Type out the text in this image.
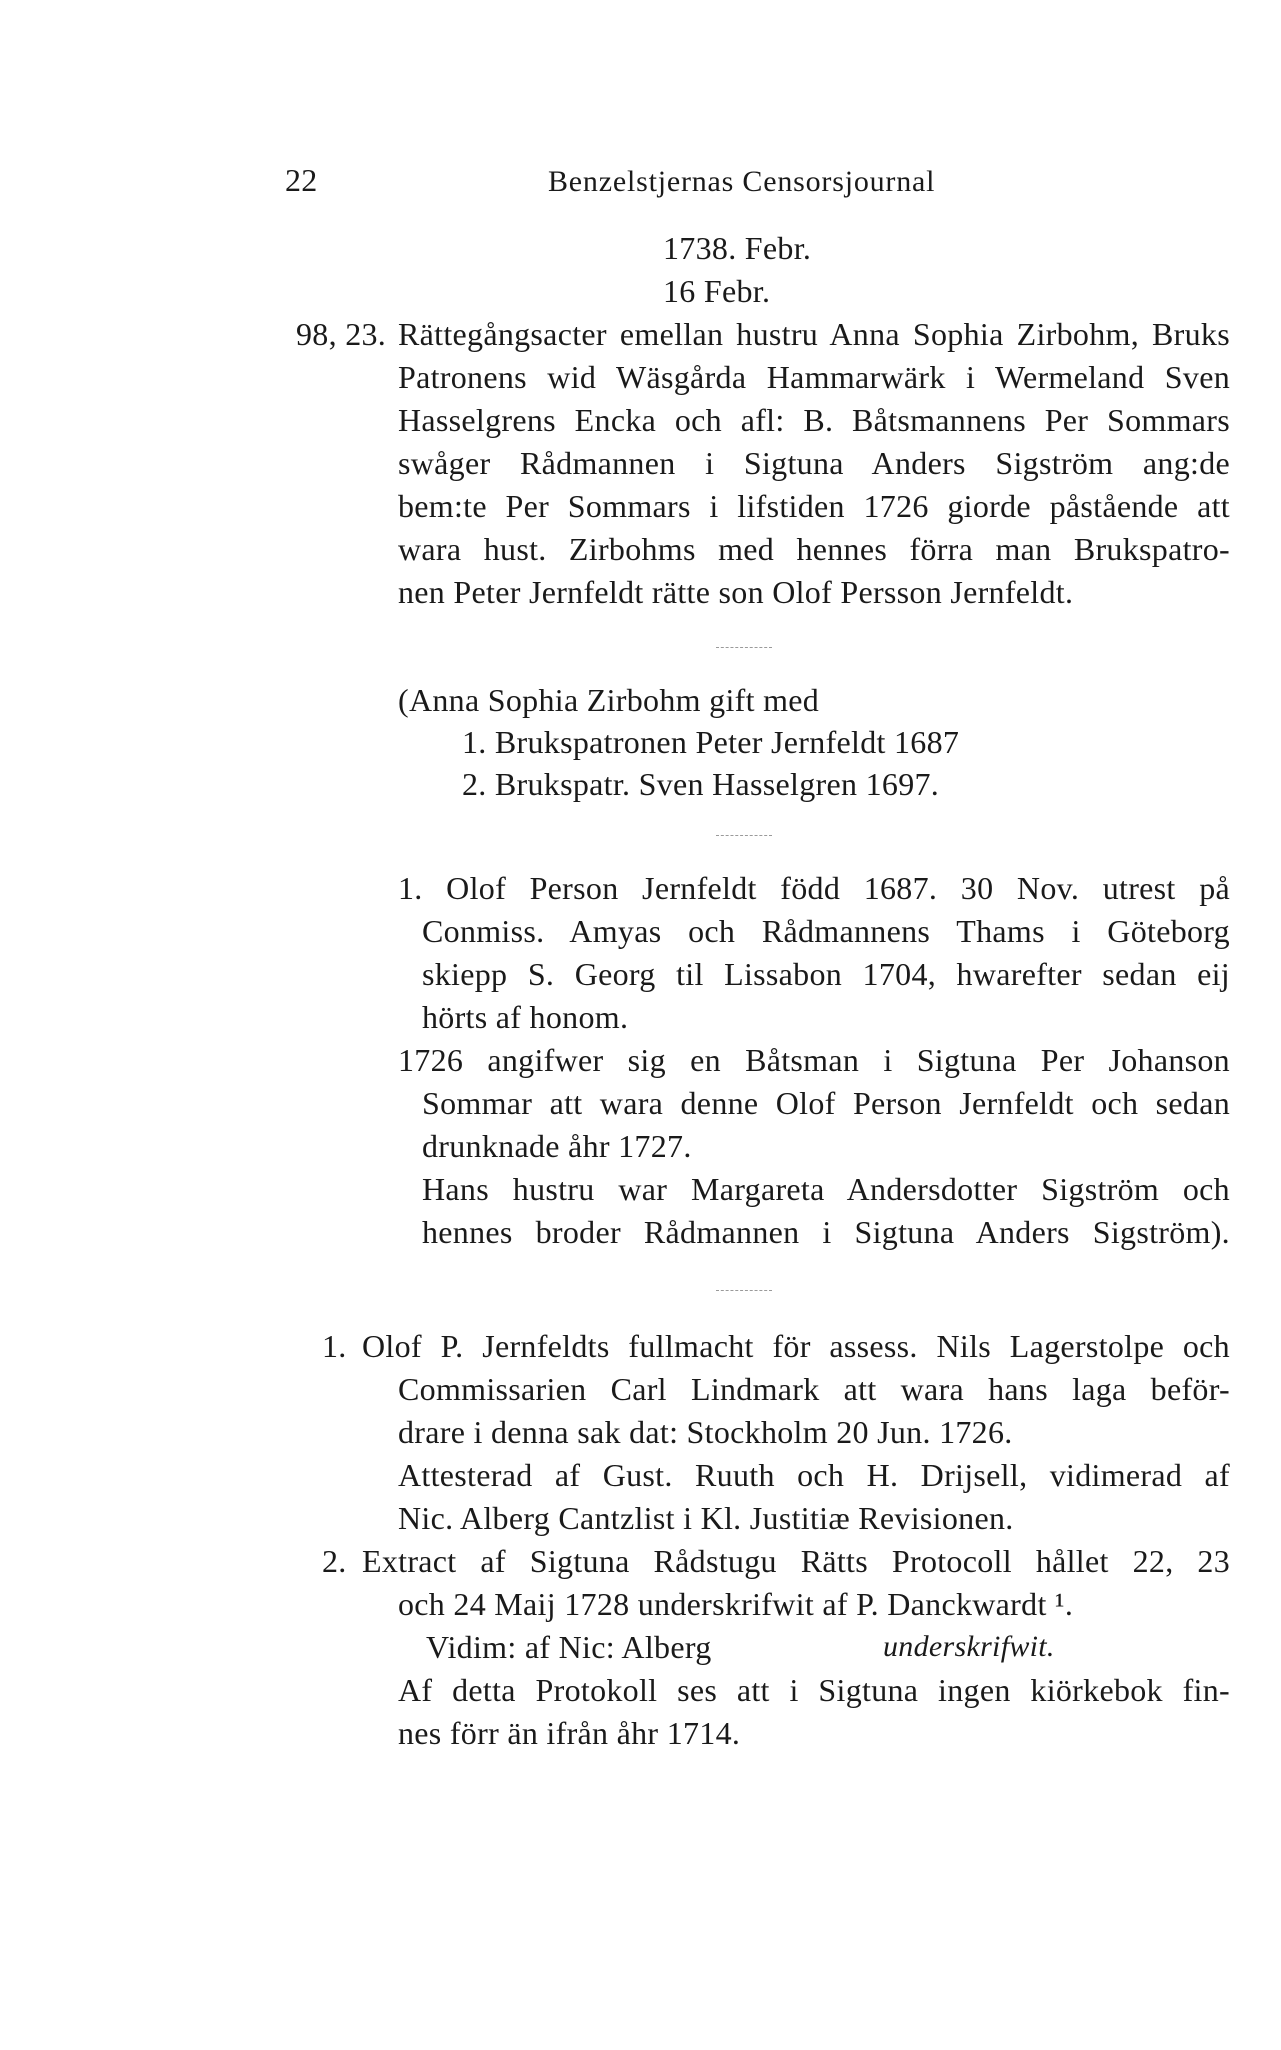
22	Benzelstjernas Censorsjournal
1738. Febr.
16 Febr.
98, 23. Rättegångsacter emellan hustru Anna Sophia Zirbohm, Bruks
Patronens wid Wäsgårda Hammarwärk i Wermeland Sven
Hasselgrens Encka och afl: B. Båtsmannens Per Sommars
swåger Rådmannen i Sigtuna Anders Sigström ang:de
bem:te Per Sommars i lifstiden 1726 giorde påstående att
wara hust. Zirbohms med hennes förra man Brukspatro-
nen Peter Jernfeldt rätte son Olof Persson Jernfeldt.
(Anna Sophia Zirbohm gift med
1. Brukspatronen Peter Jernfeldt 1687
2. Brukspatr. Sven Hasselgren 1697.
1. Olof Person Jernfeldt född 1687. 30 Nov. utrest på
Conmiss. Amyas och Rådmannens Thams i Göteborg
skiepp S. Georg til Lissabon 1704, hwarefter sedan eij
hörts af honom.
1726 angifwer sig en Båtsman i Sigtuna Per Johanson
Sommar att wara denne Olof Person Jernfeldt och sedan
drunknade åhr 1727.
Hans hustru war Margareta Andersdotter Sigström och
hennes broder Rådmannen i Sigtuna Anders Sigström).
1. Olof P. Jernfeldts fullmacht för assess. Nils Lagerstolpe och
Commissarien Carl Lindmark att wara hans laga beför-
drare i denna sak dat: Stockholm 20 Jun. 1726.
Attesterad af Gust. Ruuth och H. Drijsell, vidimerad af
Nic. Alberg Cantzlist i Kl. Justitiæ Revisionen.
2. Extract af Sigtuna Rådstugu Rätts Protocoll hållet 22, 23
och 24 Maij 1728 underskrifwit af P. Danckwardt ¹.
Vidim: af Nic: Alberg	underskrifwit.
Af detta Protokoll ses att i Sigtuna ingen kiörkebok fin-
nes förr än ifrån åhr 1714.
